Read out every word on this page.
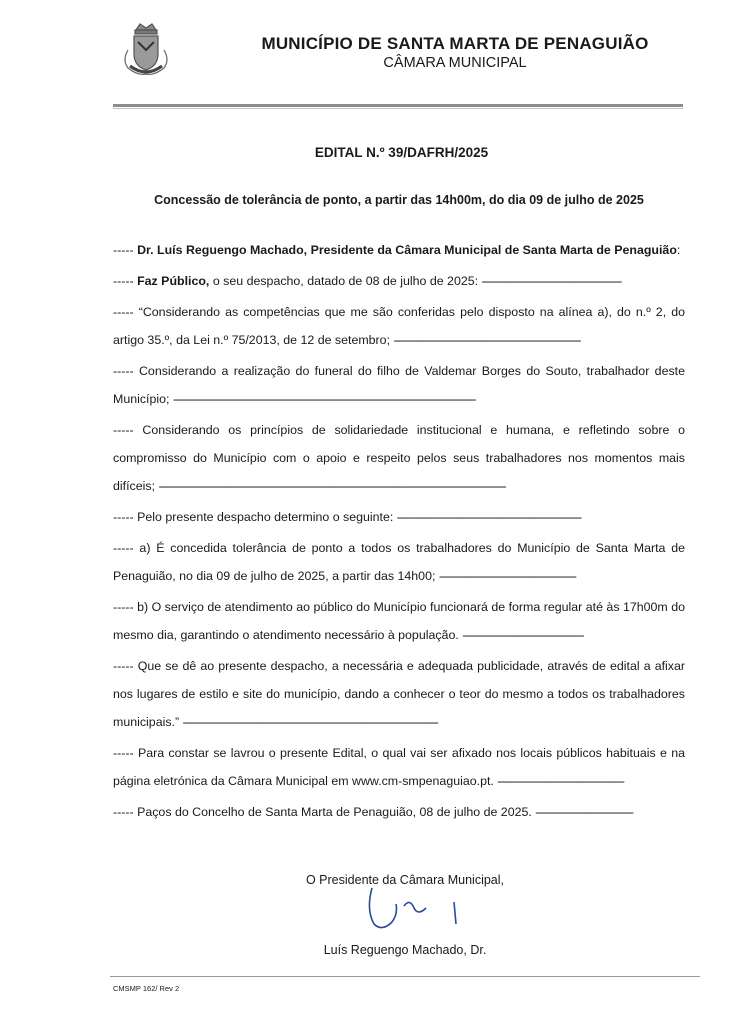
MUNICÍPIO DE SANTA MARTA DE PENAGUIÃO
CÂMARA MUNICIPAL
EDITAL N.º 39/DAFRH/2025
Concessão de tolerância de ponto, a partir das 14h00m, do dia 09 de julho de 2025

----- Dr. Luís Reguengo Machado, Presidente da Câmara Municipal de Santa Marta de Penaguião:

----- Faz Público, o seu despacho, datado de 08 de julho de 2025: -----------------------------------------------------

----- “Considerando as competências que me são conferidas pelo disposto na alínea a), do n.º 2, do artigo 35.º, da Lei n.º 75/2013, de 12 de setembro; -----------------------------------------------------------------------

----- Considerando a realização do funeral do filho de Valdemar Borges do Souto, trabalhador deste Município; -------------------------------------------------------------------------------------------------------------------

----- Considerando os princípios de solidariedade institucional e humana, e refletindo sobre o compromisso do Município com o apoio e respeito pelos seus trabalhadores nos momentos mais difíceis; ------------------------------------------------------------------------------------------------------------------------------------

----- Pelo presente despacho determino o seguinte: ----------------------------------------------------------------------

----- a) É concedida tolerância de ponto a todos os trabalhadores do Município de Santa Marta de Penaguião, no dia 09 de julho de 2025, a partir das 14h00; ----------------------------------------------------

----- b) O serviço de atendimento ao público do Município funcionará de forma regular até às 17h00m do mesmo dia, garantindo o atendimento necessário à população. ----------------------------------------------

----- Que se dê ao presente despacho, a necessária e adequada publicidade, através de edital a afixar nos lugares de estilo e site do município, dando a conhecer o teor do mesmo a todos os trabalhadores municipais.” -------------------------------------------------------------------------------------------------

----- Para constar se lavrou o presente Edital, o qual vai ser afixado nos locais públicos habituais e na página eletrónica da Câmara Municipal em www.cm-smpenaguiao.pt. ------------------------------------------------

----- Paços do Concelho de Santa Marta de Penaguião, 08 de julho de 2025. -------------------------------------

O Presidente da Câmara Municipal,
Luís Reguengo Machado, Dr.
CMSMP 162/ Rev 2
